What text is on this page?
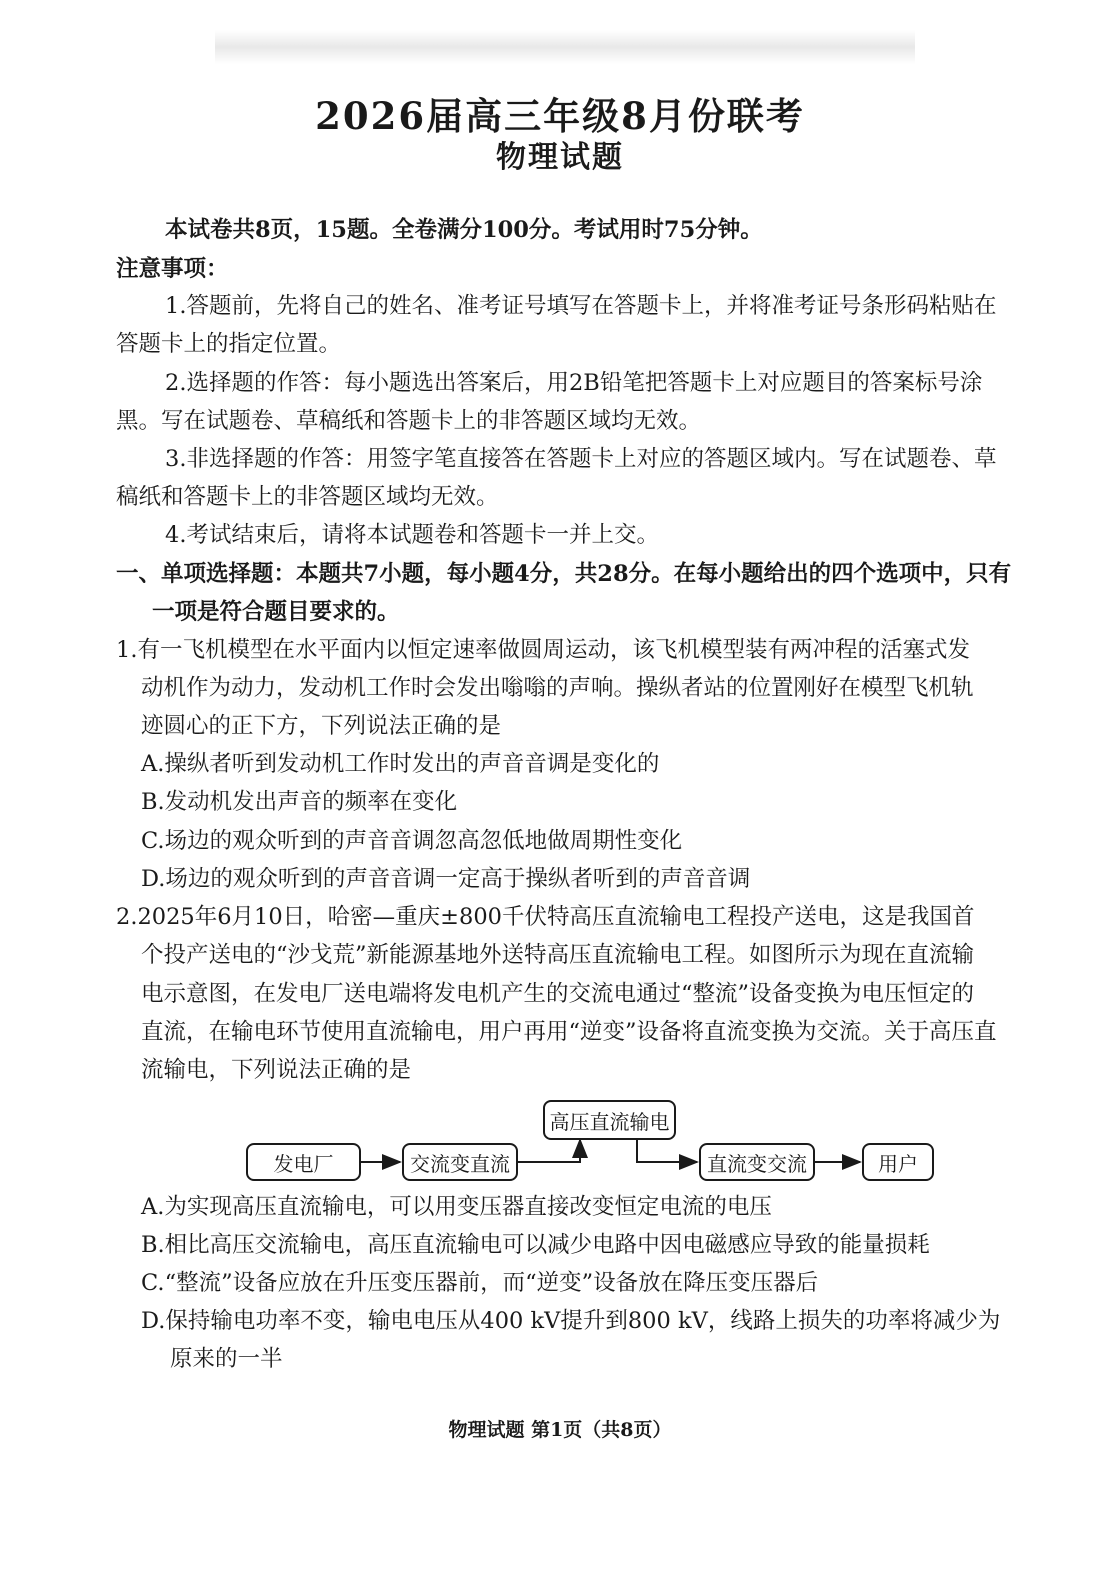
2026届高三年级8月份联考
物理试题
本试卷共8页，15题。全卷满分100分。考试用时75分钟。
注意事项：
1.答题前，先将自己的姓名、准考证号填写在答题卡上，并将准考证号条形码粘贴在
答题卡上的指定位置。
2.选择题的作答：每小题选出答案后，用2B铅笔把答题卡上对应题目的答案标号涂
黑。写在试题卷、草稿纸和答题卡上的非答题区域均无效。
3.非选择题的作答：用签字笔直接答在答题卡上对应的答题区域内。写在试题卷、草
稿纸和答题卡上的非答题区域均无效。
4.考试结束后，请将本试题卷和答题卡一并上交。
一、单项选择题：本题共7小题，每小题4分，共28分。在每小题给出的四个选项中，只有
一项是符合题目要求的。
1.有一飞机模型在水平面内以恒定速率做圆周运动，该飞机模型装有两冲程的活塞式发
动机作为动力，发动机工作时会发出嗡嗡的声响。操纵者站的位置刚好在模型飞机轨
迹圆心的正下方，下列说法正确的是
A.操纵者听到发动机工作时发出的声音音调是变化的
B.发动机发出声音的频率在变化
C.场边的观众听到的声音音调忽高忽低地做周期性变化
D.场边的观众听到的声音音调一定高于操纵者听到的声音音调
2.2025年6月10日，哈密—重庆±800千伏特高压直流输电工程投产送电，这是我国首
个投产送电的“沙戈荒”新能源基地外送特高压直流输电工程。如图所示为现在直流输
电示意图，在发电厂送电端将发电机产生的交流电通过“整流”设备变换为电压恒定的
直流，在输电环节使用直流输电，用户再用“逆变”设备将直流变换为交流。关于高压直
流输电，下列说法正确的是
发电厂	交流变直流
高压直流输电
直流变交流	用户
A.为实现高压直流输电，可以用变压器直接改变恒定电流的电压
B.相比高压交流输电，高压直流输电可以减少电路中因电磁感应导致的能量损耗
C.“整流”设备应放在升压变压器前，而“逆变”设备放在降压变压器后
D.保持输电功率不变，输电电压从400 kV提升到800 kV，线路上损失的功率将减少为
原来的一半
物理试题 第1页（共8页）
